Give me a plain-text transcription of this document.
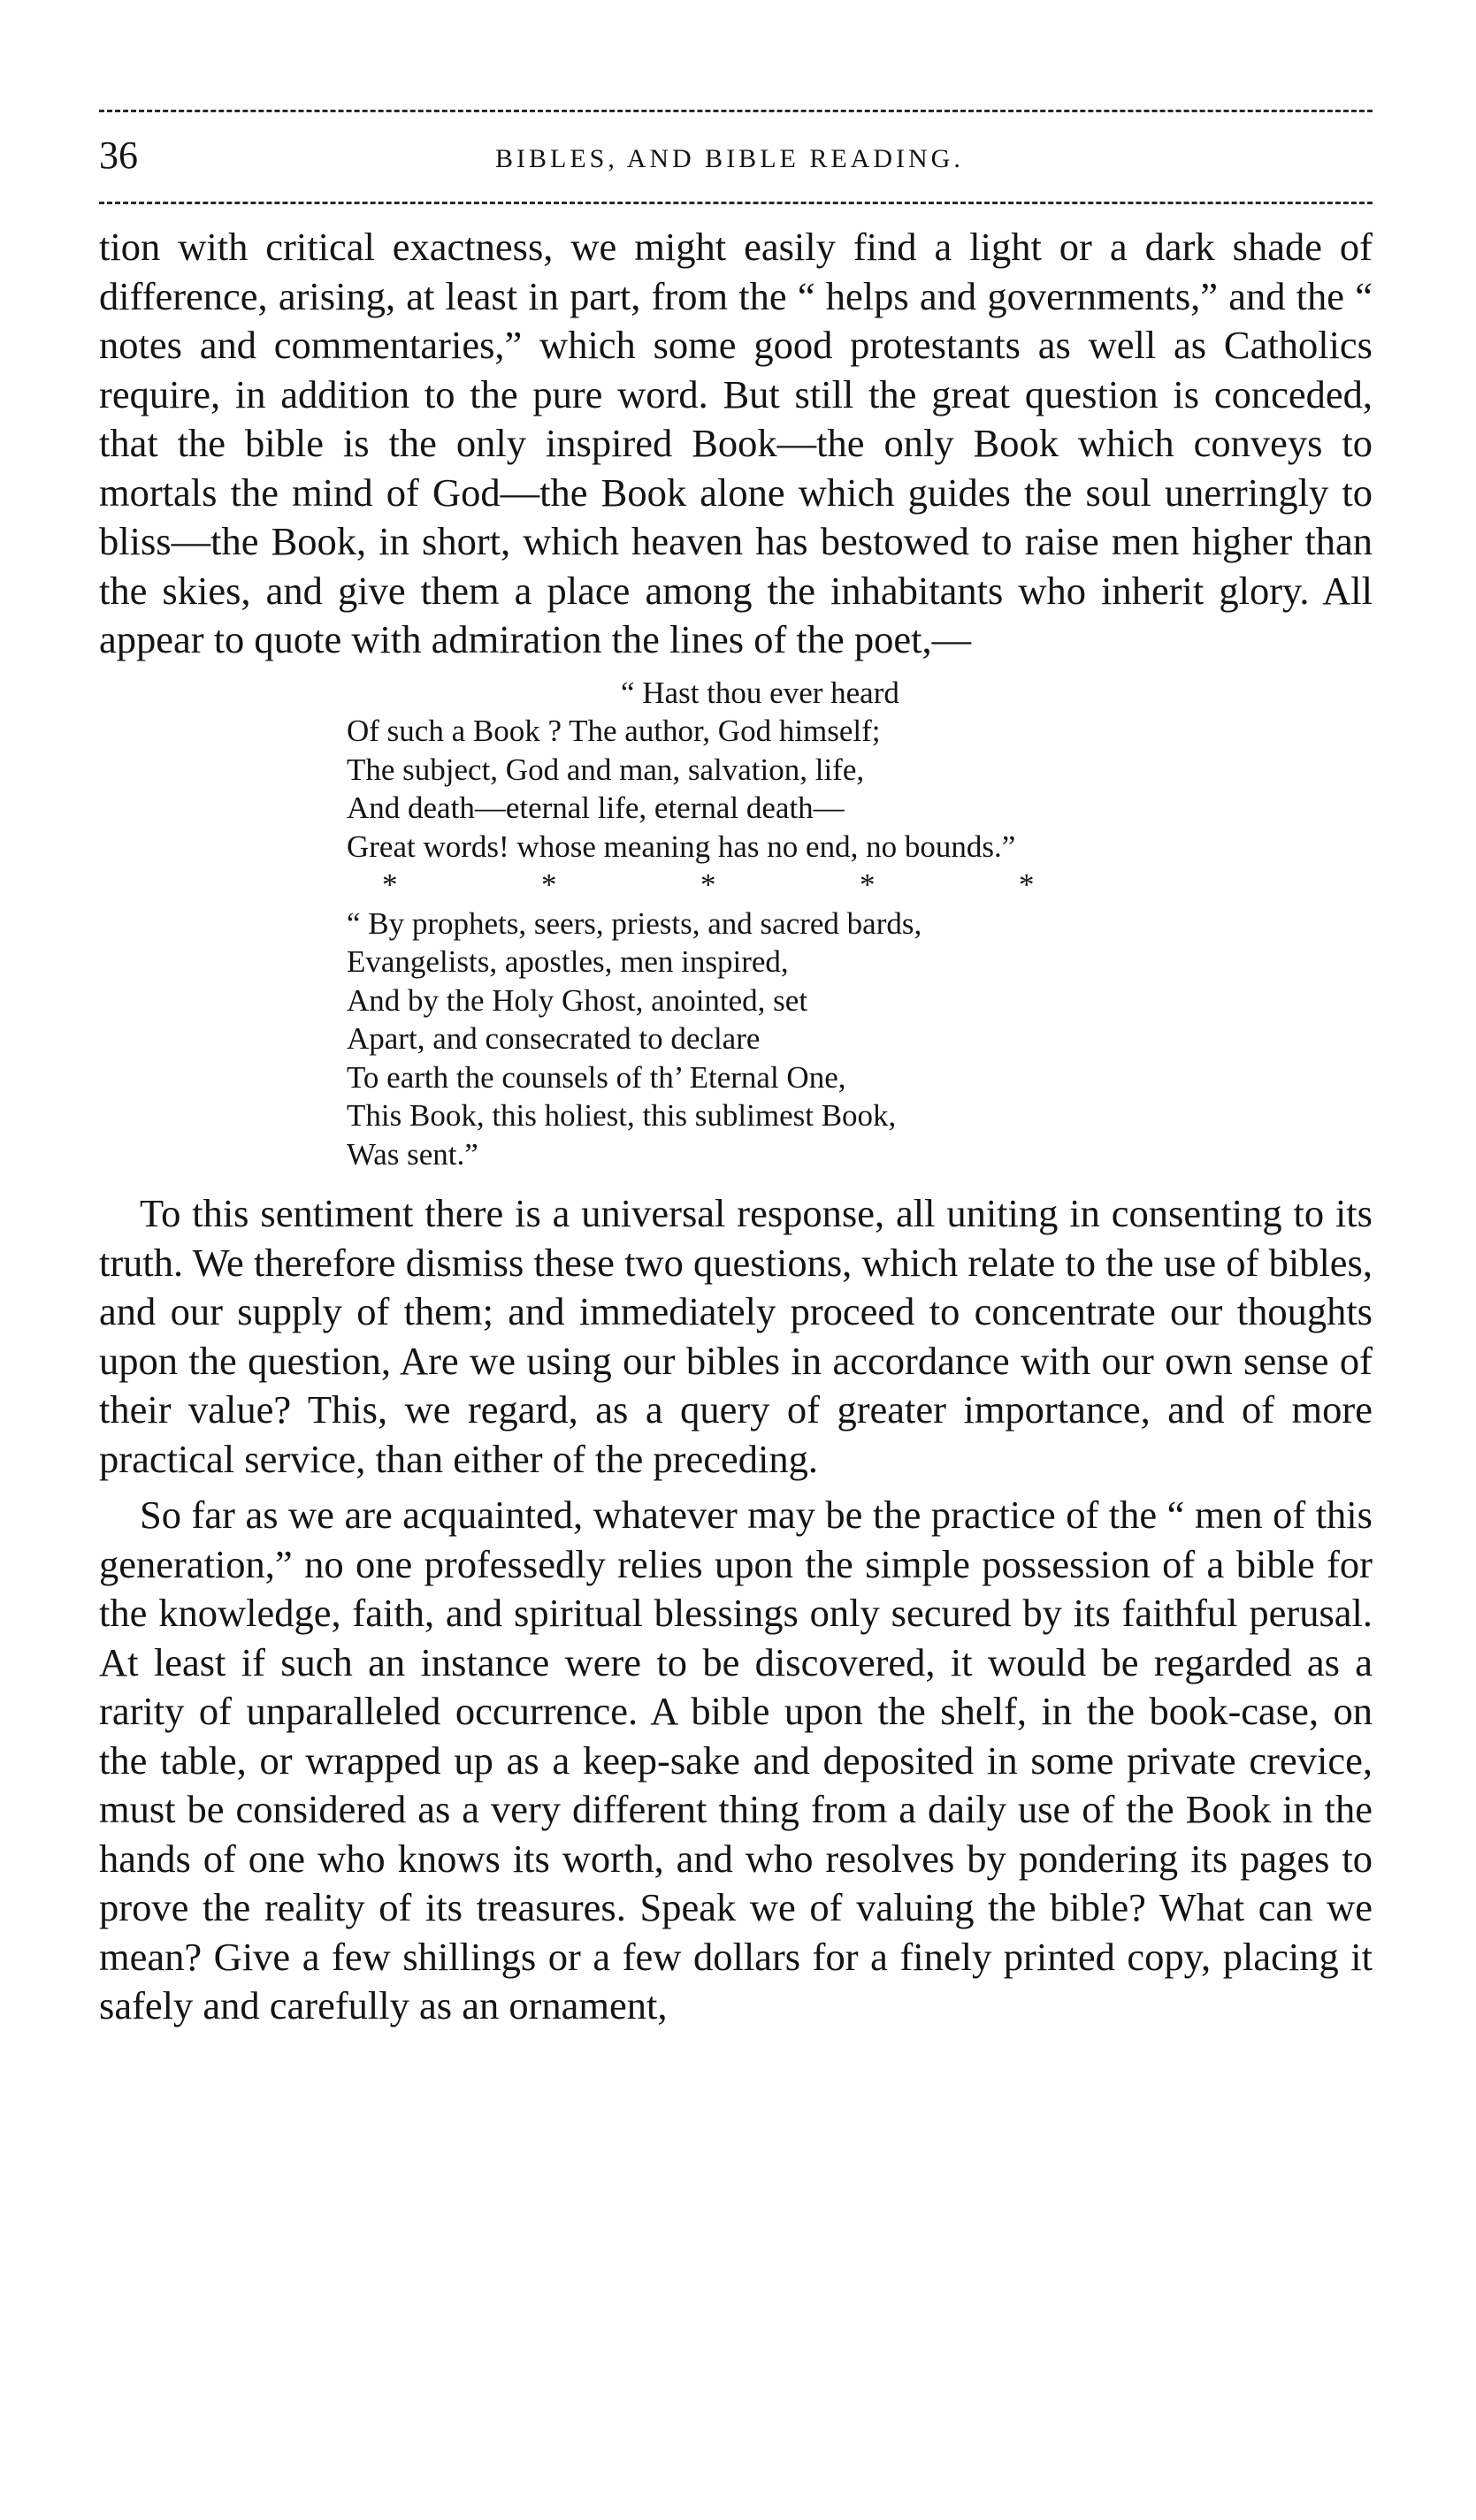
36	BIBLES, AND BIBLE READING.

tion with critical exactness, we might easily find a light or a dark shade of difference, arising, at least in part, from the “ helps and governments,” and the “ notes and commentaries,” which some good protestants as well as Catholics require, in addition to the pure word. But still the great question is conceded, that the bible is the only inspired Book—the only Book which conveys to mortals the mind of God—the Book alone which guides the soul unerringly to bliss—the Book, in short, which heaven has bestowed to raise men higher than the skies, and give them a place among the inhabitants who inherit glory. All appear to quote with admiration the lines of the poet,—

“ Hast thou ever heard
Of such a Book ? The author, God himself;
The subject, God and man, salvation, life,
And death—eternal life, eternal death—
Great words! whose meaning has no end, no bounds.”
*	*	*	*	*
“ By prophets, seers, priests, and sacred bards,
Evangelists, apostles, men inspired,
And by the Holy Ghost, anointed, set
Apart, and consecrated to declare
To earth the counsels of th’ Eternal One,
This Book, this holiest, this sublimest Book,
Was sent.”

To this sentiment there is a universal response, all uniting in consenting to its truth. We therefore dismiss these two questions, which relate to the use of bibles, and our supply of them; and immediately proceed to concentrate our thoughts upon the question, Are we using our bibles in accordance with our own sense of their value? This, we regard, as a query of greater importance, and of more practical service, than either of the preceding.

So far as we are acquainted, whatever may be the practice of the “ men of this generation,” no one professedly relies upon the simple possession of a bible for the knowledge, faith, and spiritual blessings only secured by its faithful perusal. At least if such an instance were to be discovered, it would be regarded as a rarity of unparalleled occurrence. A bible upon the shelf, in the book-case, on the table, or wrapped up as a keep-sake and deposited in some private crevice, must be considered as a very different thing from a daily use of the Book in the hands of one who knows its worth, and who resolves by pondering its pages to prove the reality of its treasures. Speak we of valuing the bible? What can we mean? Give a few shillings or a few dollars for a finely printed copy, placing it safely and carefully as an ornament,
